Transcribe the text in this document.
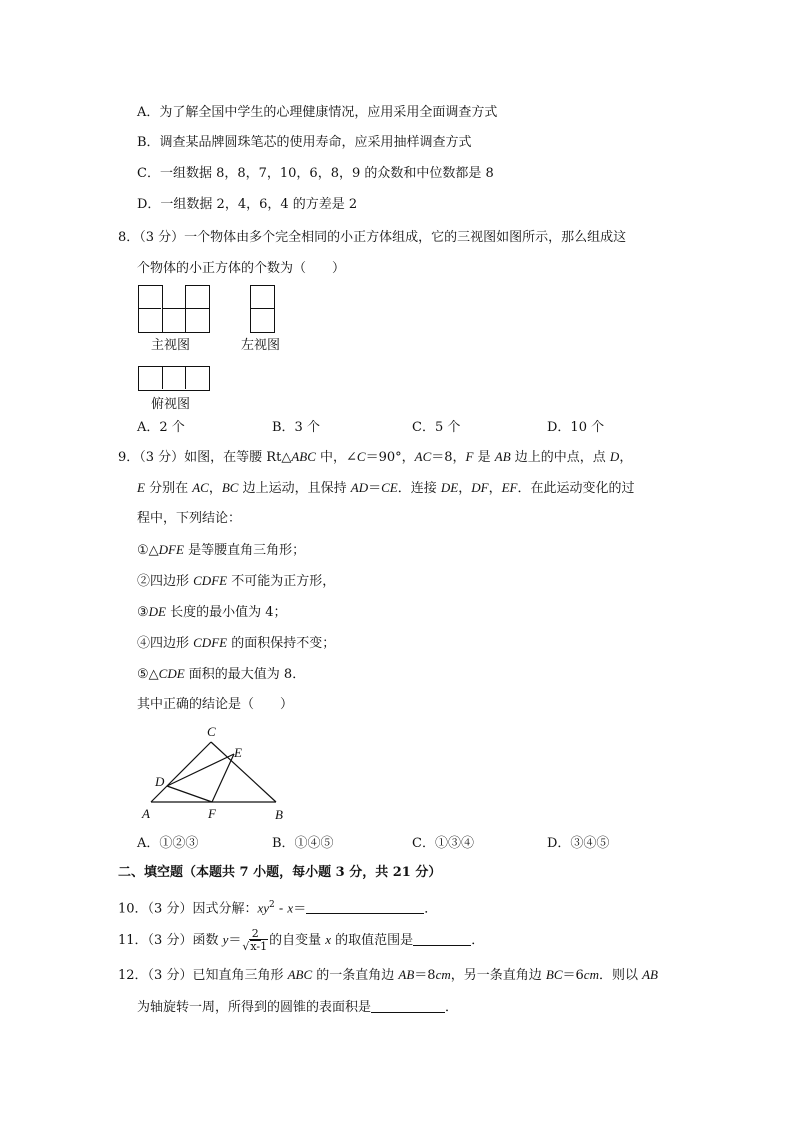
A．为了解全国中学生的心理健康情况，应用采用全面调查方式
B．调查某品牌圆珠笔芯的使用寿命，应采用抽样调查方式
C．一组数据 8，8，7，10，6，8，9 的众数和中位数都是 8
D．一组数据 2，4，6，4 的方差是 2
8．（3 分）一个物体由多个完全相同的小正方体组成，它的三视图如图所示，那么组成这
个物体的小正方体的个数为（　　）
主视图	左视图
俯视图
A．2 个	B．3 个	C．5 个	D．10 个
9．（3 分）如图，在等腰 Rt△ABC 中，∠C＝90°，AC＝8，F 是 AB 边上的中点，点 D，
E 分别在 AC，BC 边上运动，且保持 AD＝CE．连接 DE，DF，EF．在此运动变化的过
程中，下列结论：
①△DFE 是等腰直角三角形；
②四边形 CDFE 不可能为正方形，
③DE 长度的最小值为 4；
④四边形 CDFE 的面积保持不变；
⑤△CDE 面积的最大值为 8．
其中正确的结论是（　　）
C
E
D
A	F	B
A．①②③	B．①④⑤	C．①③④	D．③④⑤
二、填空题（本题共 7 小题，每小题 3 分，共 21 分）
10．（3 分）因式分解：$xy^2 - x=$	．
11．（3 分）函数 $y= \frac{2}{√x-1}$ 的自变量 x 的取值范围是	．
12．（3 分）已知直角三角形 ABC 的一条直角边 AB＝8cm，另一条直角边 BC＝6cm．则以 AB
为轴旋转一周，所得到的圆锥的表面积是	．
